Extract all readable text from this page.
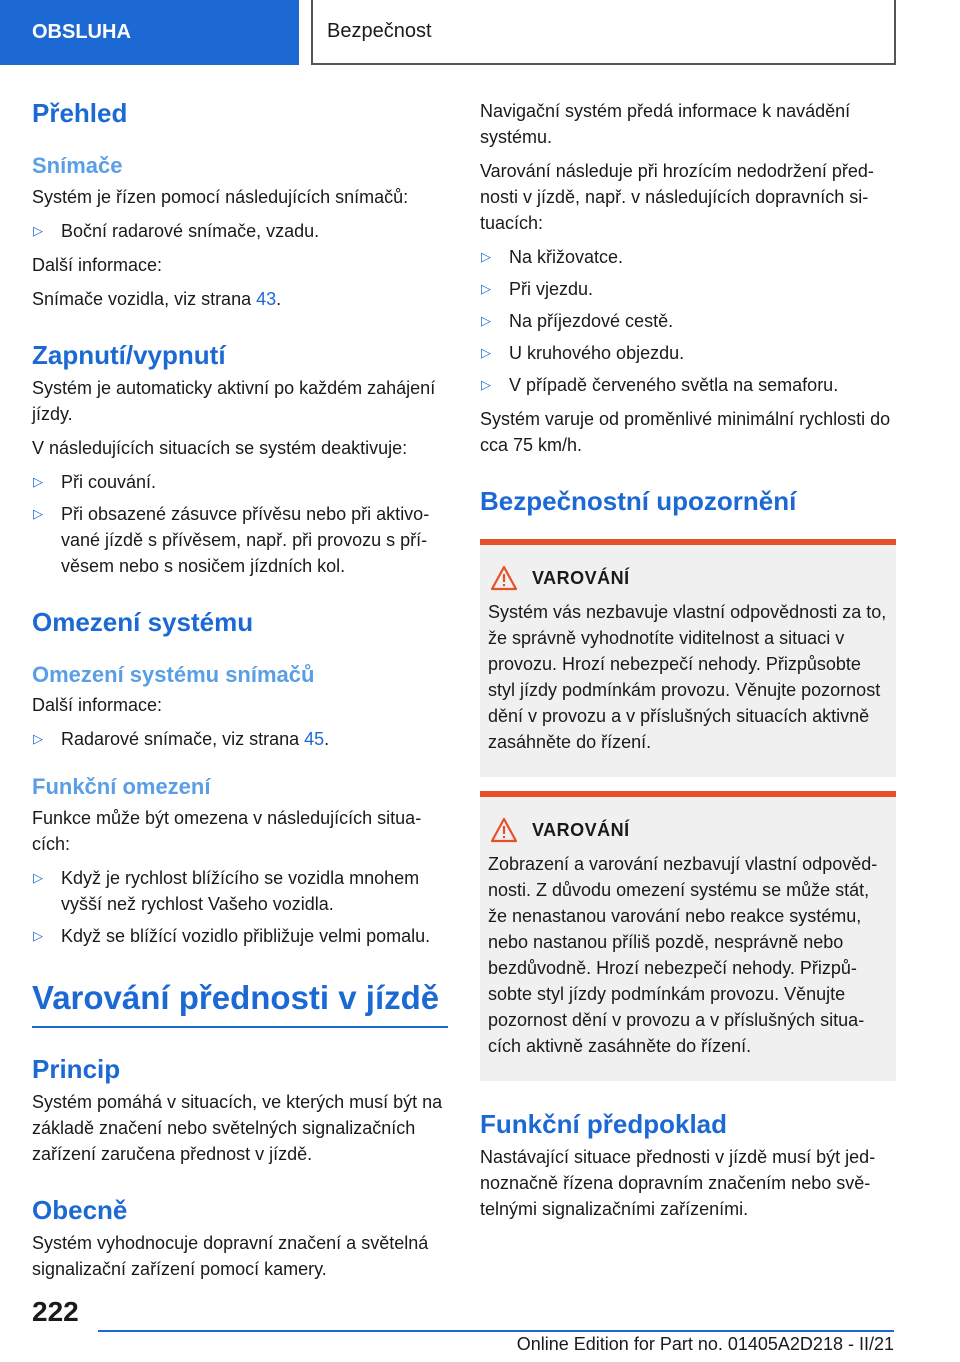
OBSLUHA	Bezpečnost
Přehled
Snímače

Systém je řízen pomocí následujících snímačů:

▷ Boční radarové snímače, vzadu.

Další informace:

Snímače vozidla, viz strana 43.

Zapnutí/vypnutí

Systém je automaticky aktivní po každém zahájení jízdy.

V následujících situacích se systém deaktivuje:

▷ Při couvání.
▷ Při obsazené zásuvce přívěsu nebo při aktivované jízdě s přívěsem, např. při provozu s přívěsem nebo s nosičem jízdních kol.
Omezení systému
Omezení systému snímačů

Další informace:

▷ Radarové snímače, viz strana 45.
Funkční omezení

Funkce může být omezena v následujících situacích:

▷ Když je rychlost blížícího se vozidla mnohem vyšší než rychlost Vašeho vozidla.
▷ Když se blížící vozidlo přibližuje velmi pomalu.
Varování přednosti v jízdě
Princip

Systém pomáhá v situacích, ve kterých musí být na základě značení nebo světelných signalizačních zařízení zaručena přednost v jízdě.

Obecně

Systém vyhodnocuje dopravní značení a světelná signalizační zařízení pomocí kamery.

Navigační systém předá informace k navádění systému.

Varování následuje při hrozícím nedodržení přednosti v jízdě, např. v následujících dopravních situacích:

▷ Na křižovatce.
▷ Při vjezdu.
▷ Na příjezdové cestě.
▷ U kruhového objezdu.
▷ V případě červeného světla na semaforu.

Systém varuje od proměnlivé minimální rychlosti do cca 75 km/h.

Bezpečnostní upozornění
VAROVÁNÍ

Systém vás nezbavuje vlastní odpovědnosti za to, že správně vyhodnotíte viditelnost a situaci v provozu. Hrozí nebezpečí nehody. Přizpůsobte styl jízdy podmínkám provozu. Věnujte pozornost dění v provozu a v příslušných situacích aktivně zasáhněte do řízení.

VAROVÁNÍ

Zobrazení a varování nezbavují vlastní odpovědnosti. Z důvodu omezení systému se může stát, že nenastanou varování nebo reakce systému, nebo nastanou příliš pozdě, nesprávně nebo bezdůvodně. Hrozí nebezpečí nehody. Přizpůsobte styl jízdy podmínkám provozu. Věnujte pozornost dění v provozu a v příslušných situacích aktivně zasáhněte do řízení.

Funkční předpoklad

Nastávající situace přednosti v jízdě musí být jednoznačně řízena dopravním značením nebo světelnými signalizačními zařízeními.

222
Online Edition for Part no. 01405A2D218 - II/21
